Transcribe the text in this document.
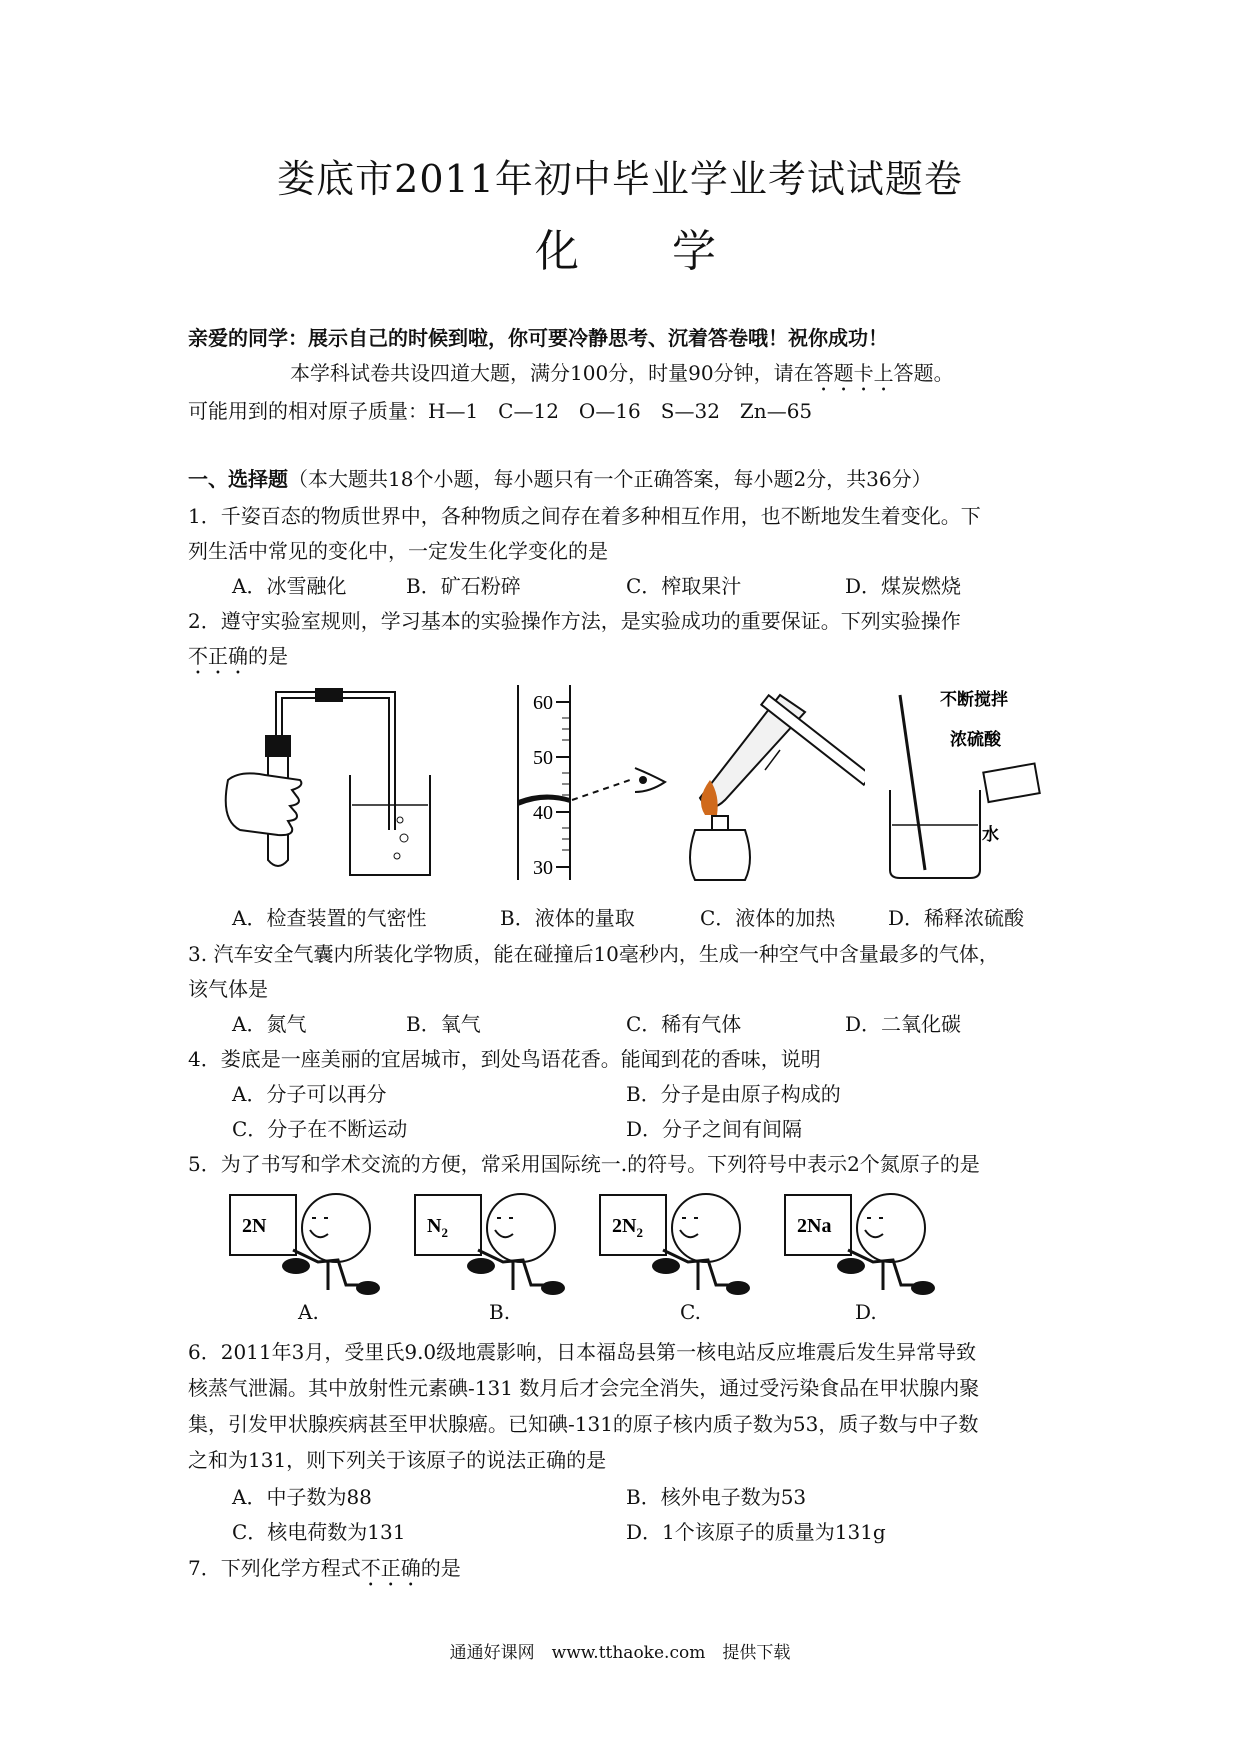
娄底市2011年初中毕业学业考试试题卷
化 学
亲爱的同学：展示自己的时候到啦，你可要冷静思考、沉着答卷哦！祝你成功！
本学科试卷共设四道大题，满分100分，时量90分钟，请在答题卡上答题。
可能用到的相对原子质量：H—1　C—12　O—16　S—32　Zn—65
一、选择题（本大题共18个小题，每小题只有一个正确答案，每小题2分，共36分）
1．千姿百态的物质世界中，各种物质之间存在着多种相互作用，也不断地发生着变化。下
列生活中常见的变化中，一定发生化学变化的是
A．冰雪融化	B．矿石粉碎	C．榨取果汁	D．煤炭燃烧
2．遵守实验室规则，学习基本的实验操作方法，是实验成功的重要保证。下列实验操作
不正确的是
60
50
40
30
不断搅拌
浓硫酸
水
A．检查装置的气密性	B．液体的量取	C．液体的加热	D．稀释浓硫酸
3. 汽车安全气囊内所装化学物质，能在碰撞后10毫秒内，生成一种空气中含量最多的气体，
该气体是
A．氮气	B．氧气	C．稀有气体	D．二氧化碳
4．娄底是一座美丽的宜居城市，到处鸟语花香。能闻到花的香味，说明
A．分子可以再分	B．分子是由原子构成的
C．分子在不断运动	D．分子之间有间隔
5．为了书写和学术交流的方便，常采用国际统一.的符号。下列符号中表示2个氮原子的是
2N	$N_2$	$2N_2$	2Na
A.	B.	C.	D.
6．2011年3月，受里氏9.0级地震影响，日本福岛县第一核电站反应堆震后发生异常导致
核蒸气泄漏。其中放射性元素碘-131 数月后才会完全消失，通过受污染食品在甲状腺内聚
集，引发甲状腺疾病甚至甲状腺癌。已知碘-131的原子核内质子数为53，质子数与中子数
之和为131，则下列关于该原子的说法正确的是
A．中子数为88	B．核外电子数为53
C．核电荷数为131	D．1个该原子的质量为131g
7．下列化学方程式不正确的是
通通好课网　www.tthaoke.com　提供下载
